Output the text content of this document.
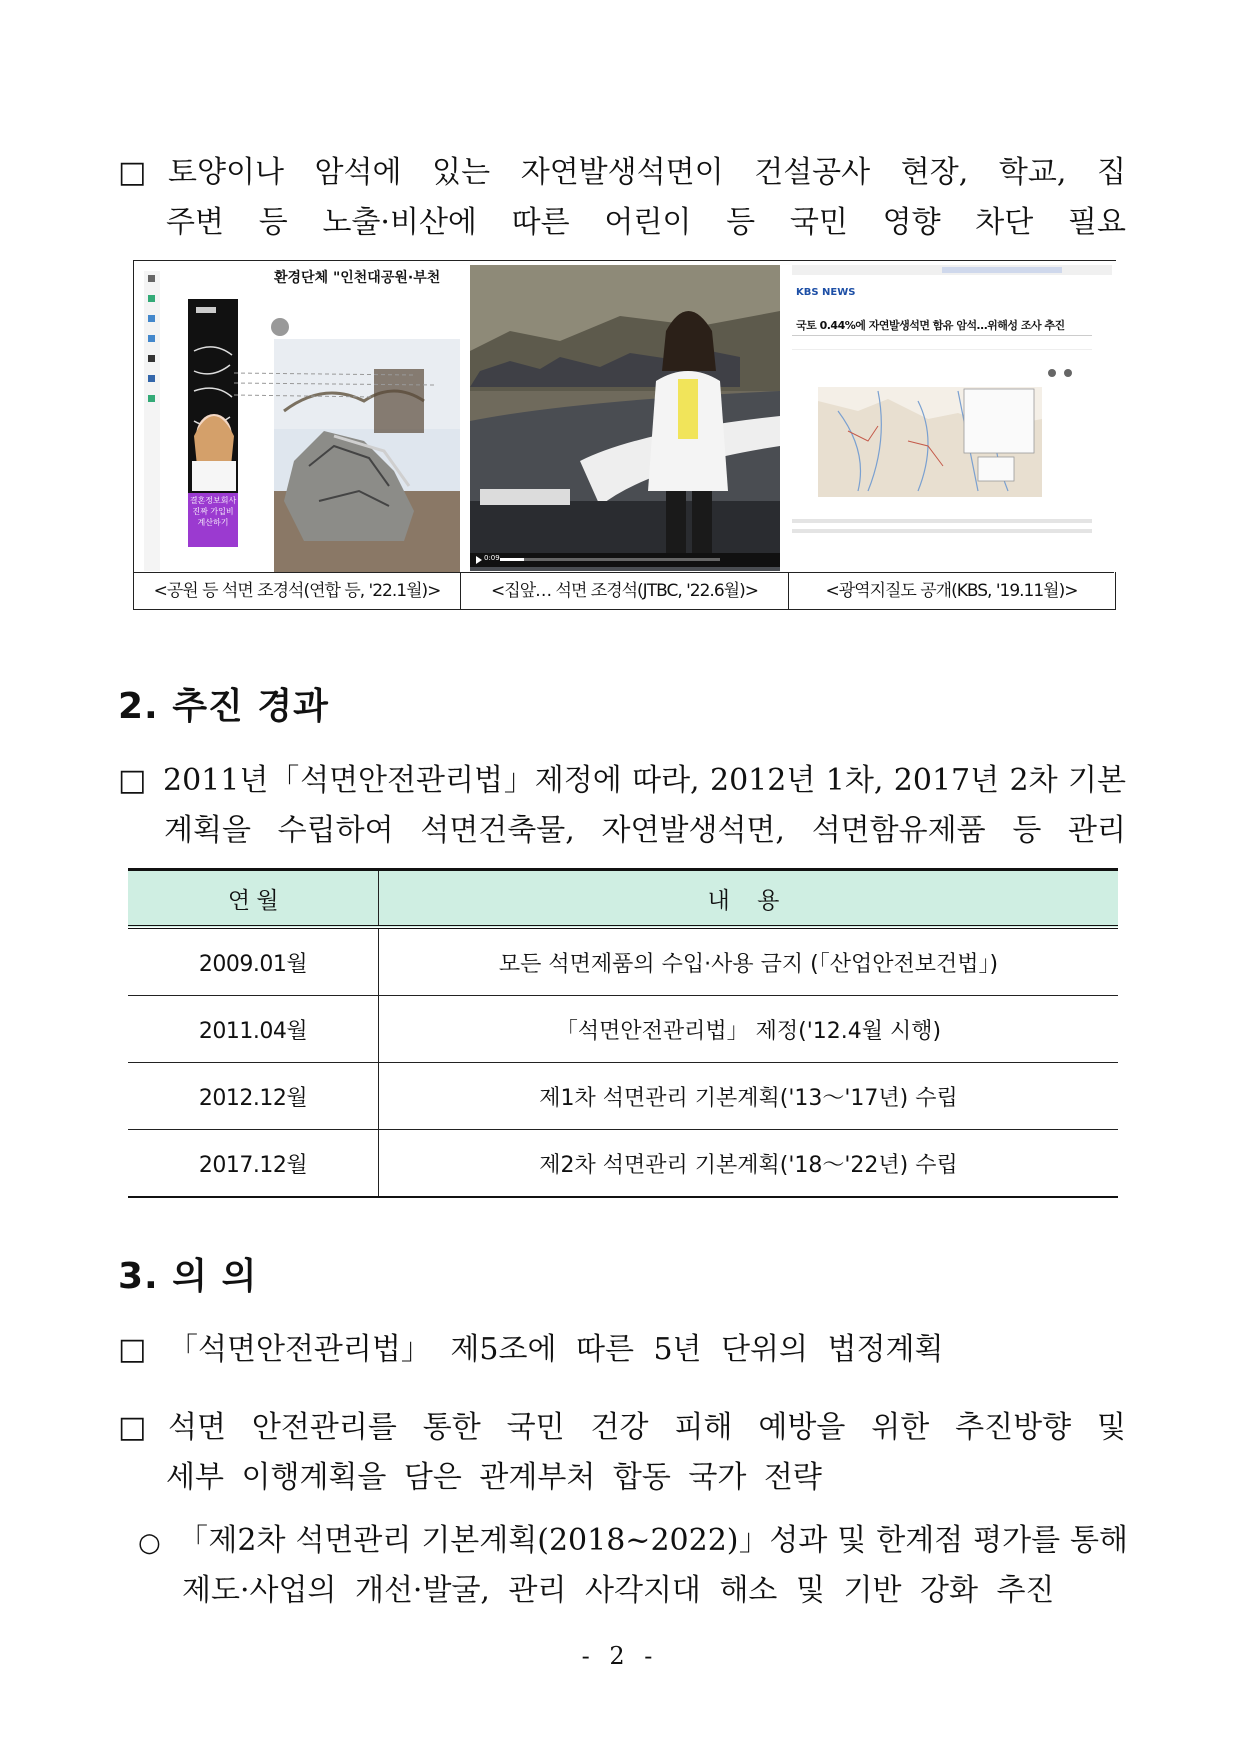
□ 토양이나 암석에 있는 자연발생석면이 건설공사 현장, 학교, 집
주변 등 노출·비산에 따른 어린이 등 국민 영향 차단 필요
환경단체 "인천대공원·부천
결혼정보회사
진짜 가입비
계산하기
0:09
KBS NEWS
국토 0.44%에 자연발생석면 함유 암석…위해성 조사 추진
<공원 등 석면 조경석(연합 등, '22.1월)>	<집앞… 석면 조경석(JTBC, '22.6월)>	<광역지질도 공개(KBS, '19.11월)>
2. 추진 경과
□ 2011년「석면안전관리법」제정에 따라, 2012년 1차, 2017년 2차 기본
계획을 수립하여 석면건축물, 자연발생석면, 석면함유제품 등 관리
연 월	내 용
2009.01월	모든 석면제품의 수입·사용 금지 (「산업안전보건법」)
2011.04월	「석면안전관리법」 제정('12.4월 시행)
2012.12월	제1차 석면관리 기본계획('13～'17년) 수립
2017.12월	제2차 석면관리 기본계획('18～'22년) 수립
3. 의 의
□ 「석면안전관리법」 제5조에 따른 5년 단위의 법정계획
□ 석면 안전관리를 통한 국민 건강 피해 예방을 위한 추진방향 및
세부 이행계획을 담은 관계부처 합동 국가 전략
○ 「제2차 석면관리 기본계획(2018~2022)」성과 및 한계점 평가를 통해
제도·사업의 개선·발굴, 관리 사각지대 해소 및 기반 강화 추진
- 2 -
